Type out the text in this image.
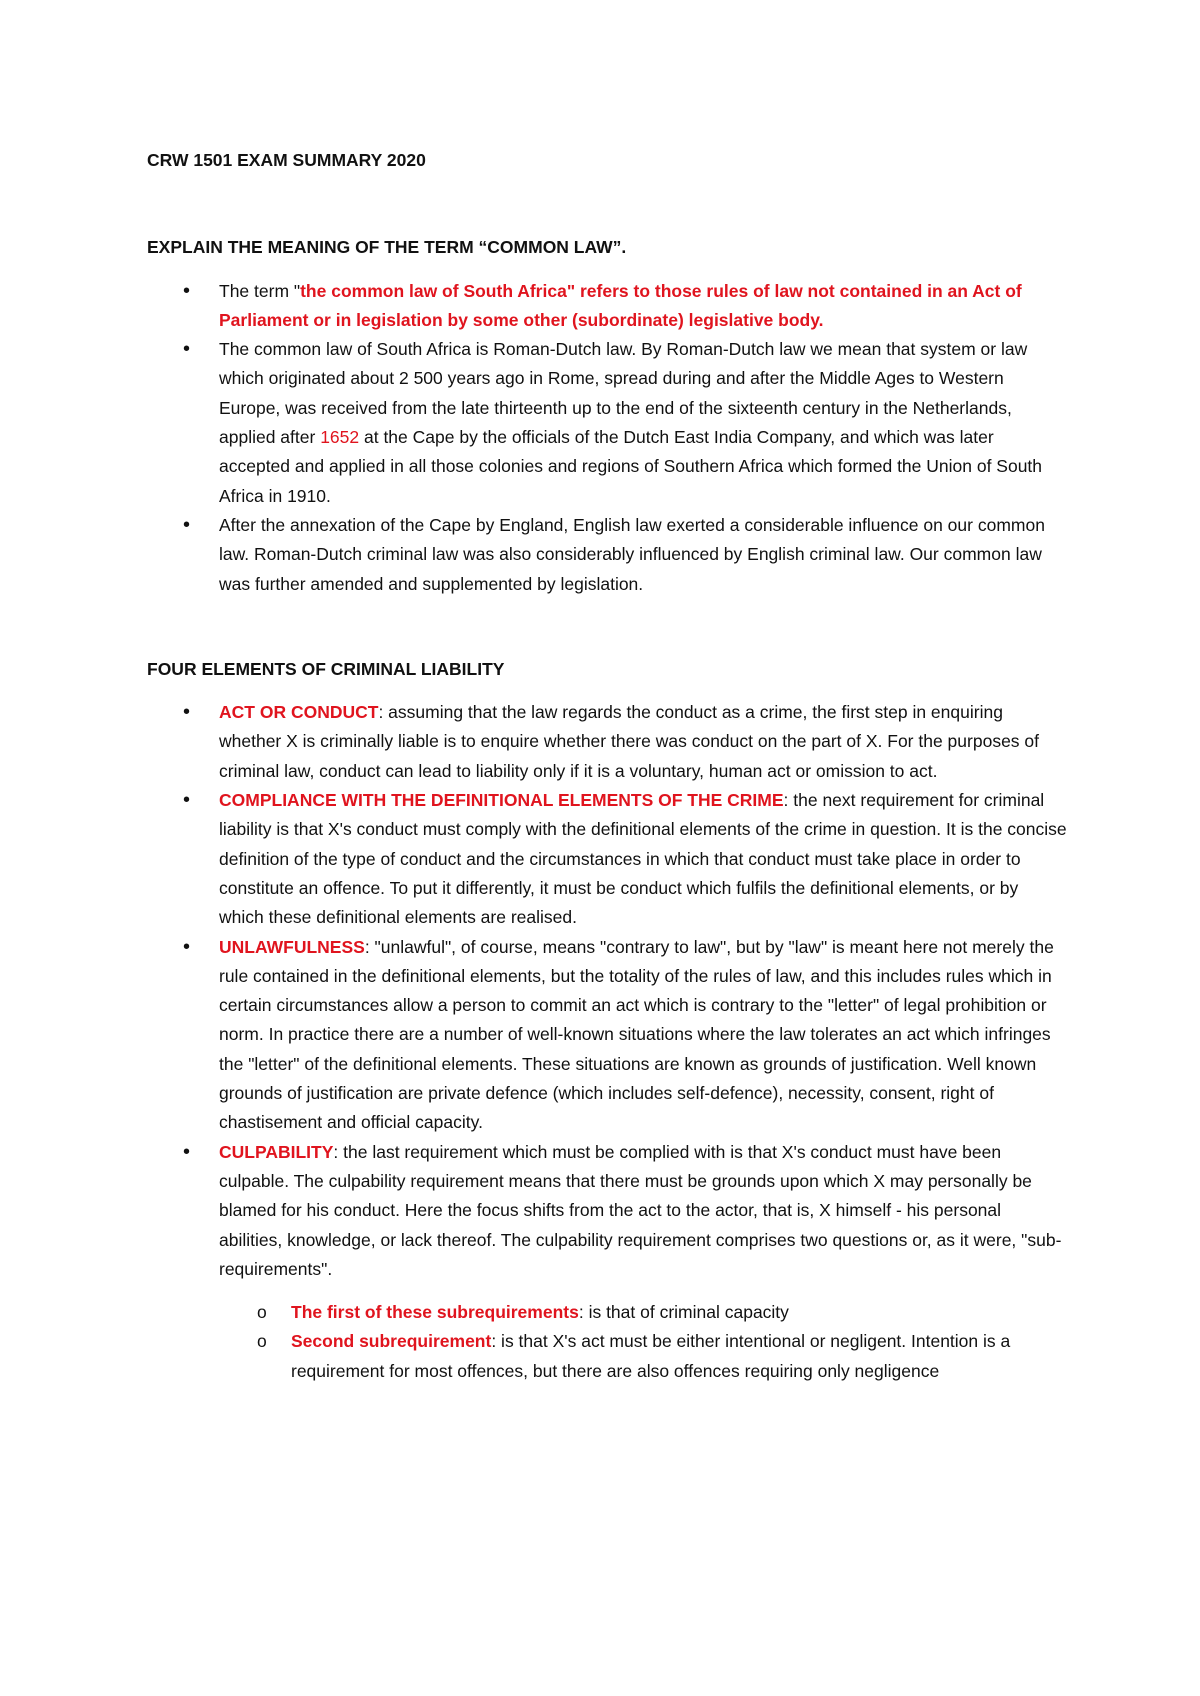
CRW 1501 EXAM SUMMARY 2020

EXPLAIN THE MEANING OF THE TERM “COMMON LAW”.

• The term "the common law of South Africa" refers to those rules of law not contained in an Act of Parliament or in legislation by some other (subordinate) legislative body.
• The common law of South Africa is Roman-Dutch law. By Roman-Dutch law we mean that system or law which originated about 2 500 years ago in Rome, spread during and after the Middle Ages to Western Europe, was received from the late thirteenth up to the end of the sixteenth century in the Netherlands, applied after 1652 at the Cape by the officials of the Dutch East India Company, and which was later accepted and applied in all those colonies and regions of Southern Africa which formed the Union of South Africa in 1910.
• After the annexation of the Cape by England, English law exerted a considerable influence on our common law. Roman-Dutch criminal law was also considerably influenced by English criminal law. Our common law was further amended and supplemented by legislation.

FOUR ELEMENTS OF CRIMINAL LIABILITY

• ACT OR CONDUCT: assuming that the law regards the conduct as a crime, the first step in enquiring whether X is criminally liable is to enquire whether there was conduct on the part of X. For the purposes of criminal law, conduct can lead to liability only if it is a voluntary, human act or omission to act.
• COMPLIANCE WITH THE DEFINITIONAL ELEMENTS OF THE CRIME: the next requirement for criminal liability is that X's conduct must comply with the definitional elements of the crime in question. It is the concise definition of the type of conduct and the circumstances in which that conduct must take place in order to constitute an offence. To put it differently, it must be conduct which fulfils the definitional elements, or by which these definitional elements are realised.
• UNLAWFULNESS: "unlawful", of course, means "contrary to law", but by "law" is meant here not merely the rule contained in the definitional elements, but the totality of the rules of law, and this includes rules which in certain circumstances allow a person to commit an act which is contrary to the "letter" of legal prohibition or norm. In practice there are a number of well-known situations where the law tolerates an act which infringes the "letter" of the definitional elements. These situations are known as grounds of justification. Well known grounds of justification are private defence (which includes self-defence), necessity, consent, right of chastisement and official capacity.
• CULPABILITY: the last requirement which must be complied with is that X's conduct must have been culpable. The culpability requirement means that there must be grounds upon which X may personally be blamed for his conduct. Here the focus shifts from the act to the actor, that is, X himself - his personal abilities, knowledge, or lack thereof. The culpability requirement comprises two questions or, as it were, "sub-requirements".
o The first of these subrequirements: is that of criminal capacity
o Second subrequirement: is that X's act must be either intentional or negligent. Intention is a requirement for most offences, but there are also offences requiring only negligence
